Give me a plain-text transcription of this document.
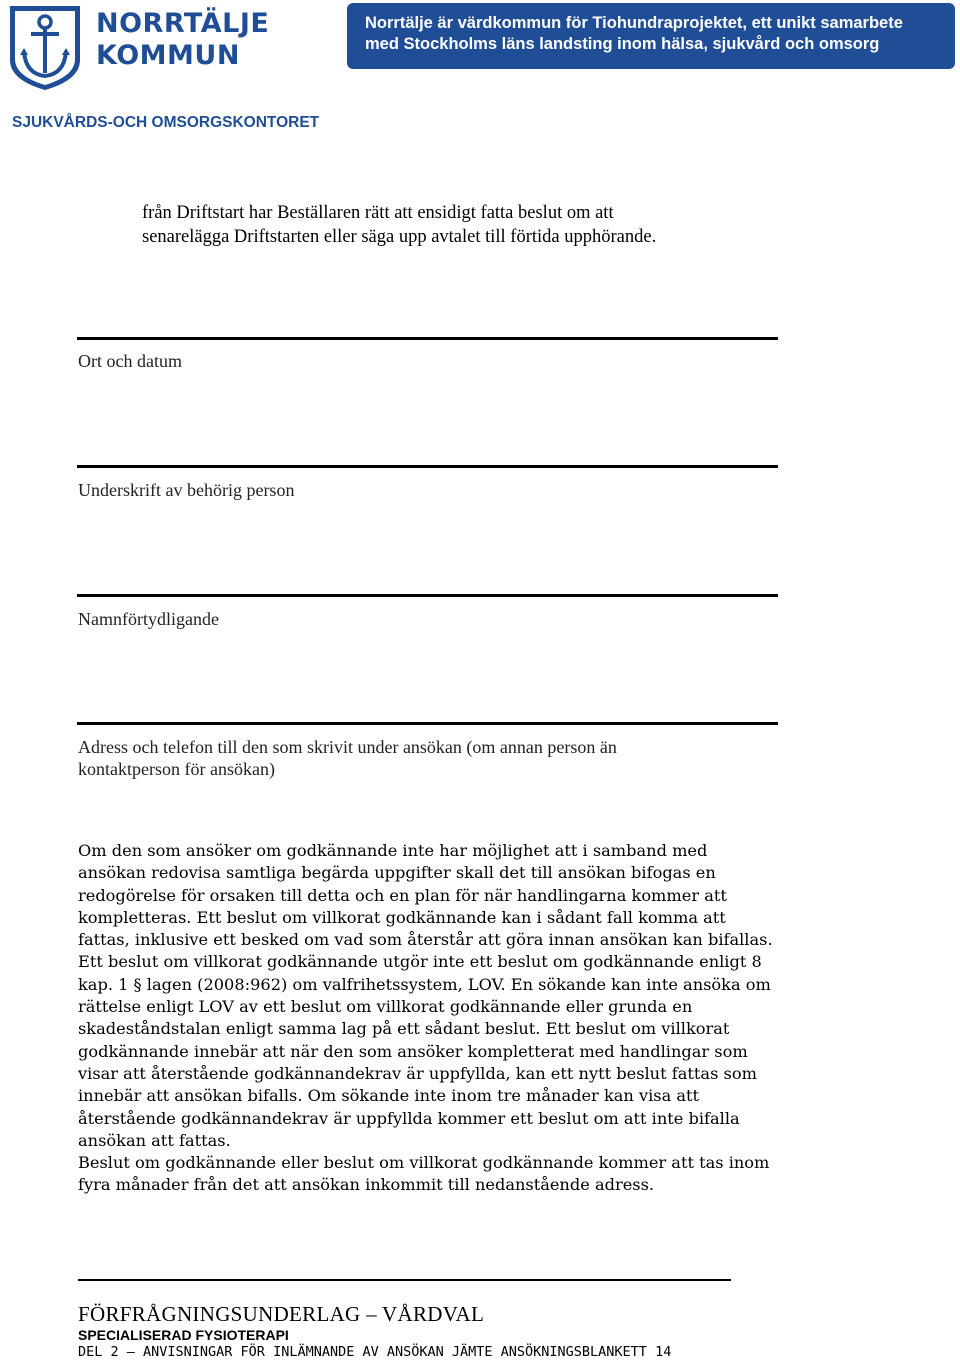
NORRTÄLJE
KOMMUN
Norrtälje är värdkommun för Tiohundraprojektet, ett unikt samarbete
med Stockholms läns landsting inom hälsa, sjukvård och omsorg
SJUKVÅRDS-OCH OMSORGSKONTORET
från Driftstart har Beställaren rätt att ensidigt fatta beslut om att
senarelägga Driftstarten eller säga upp avtalet till förtida upphörande.
Ort och datum
Underskrift av behörig person
Namnförtydligande
Adress och telefon till den som skrivit under ansökan (om annan person än
kontaktperson för ansökan)

Om den som ansöker om godkännande inte har möjlighet att i samband med ansökan redovisa samtliga begärda uppgifter skall det till ansökan bifogas en redogörelse för orsaken till detta och en plan för när handlingarna kommer att kompletteras. Ett beslut om villkorat godkännande kan i sådant fall komma att fattas, inklusive ett besked om vad som återstår att göra innan ansökan kan bifallas. Ett beslut om villkorat godkännande utgör inte ett beslut om godkännande enligt 8 kap. 1 § lagen (2008:962) om valfrihetssystem, LOV. En sökande kan inte ansöka om rättelse enligt LOV av ett beslut om villkorat godkännande eller grunda en skadeståndstalan enligt samma lag på ett sådant beslut. Ett beslut om villkorat godkännande innebär att när den som ansöker kompletterat med handlingar som visar att återstående godkännandekrav är uppfyllda, kan ett nytt beslut fattas som innebär att ansökan bifalls. Om sökande inte inom tre månader kan visa att återstående godkännandekrav är uppfyllda kommer ett beslut om att inte bifalla ansökan att fattas.

Beslut om godkännande eller beslut om villkorat godkännande kommer att tas inom fyra månader från det att ansökan inkommit till nedanstående adress.

FÖRFRÅGNINGSUNDERLAG – VÅRDVAL
SPECIALISERAD FYSIOTERAPI
DEL 2 – ANVISNINGAR FÖR INLÄMNANDE AV ANSÖKAN JÄMTE ANSÖKNINGSBLANKETT 14
